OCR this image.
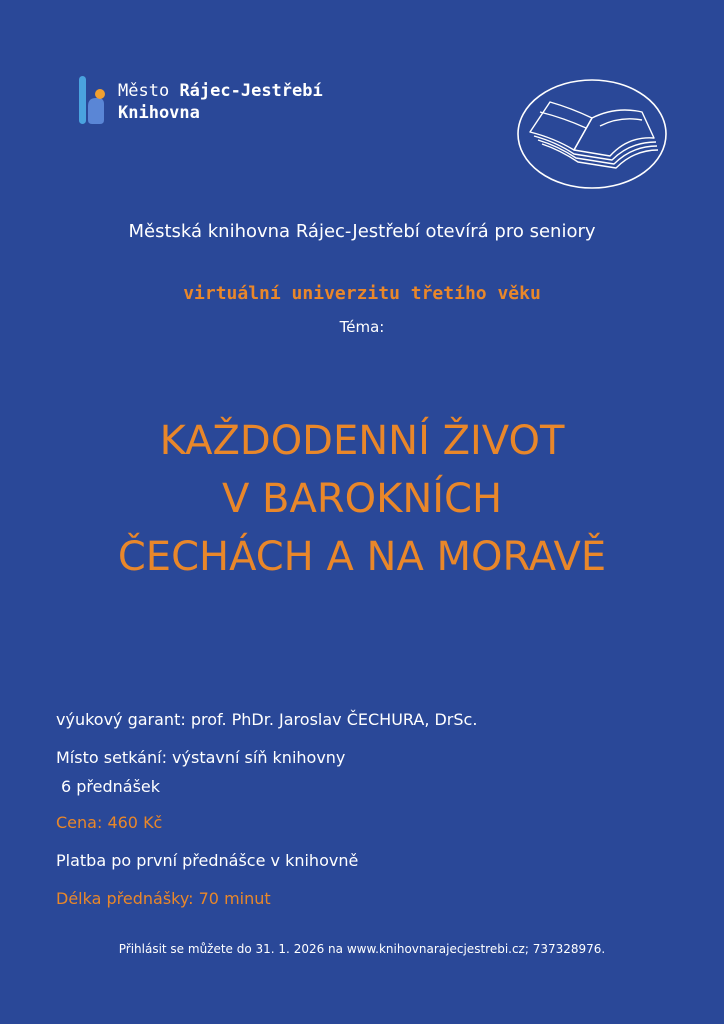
Město Rájec-Jestřebí
Knihovna
Městská knihovna Rájec-Jestřebí otevírá pro seniory
virtuální univerzitu třetího věku
Téma:
KAŽDODENNÍ ŽIVOT
V BAROKNÍCH
ČECHÁCH A NA MORAVĚ
výukový garant: prof. PhDr. Jaroslav ČECHURA, DrSc.
Místo setkání: výstavní síň knihovny
6 přednášek
Cena: 460 Kč
Platba po první přednášce v knihovně
Délka přednášky: 70 minut
Přihlásit se můžete do 31. 1. 2026 na www.knihovnarajecjestrebi.cz; 737328976.
